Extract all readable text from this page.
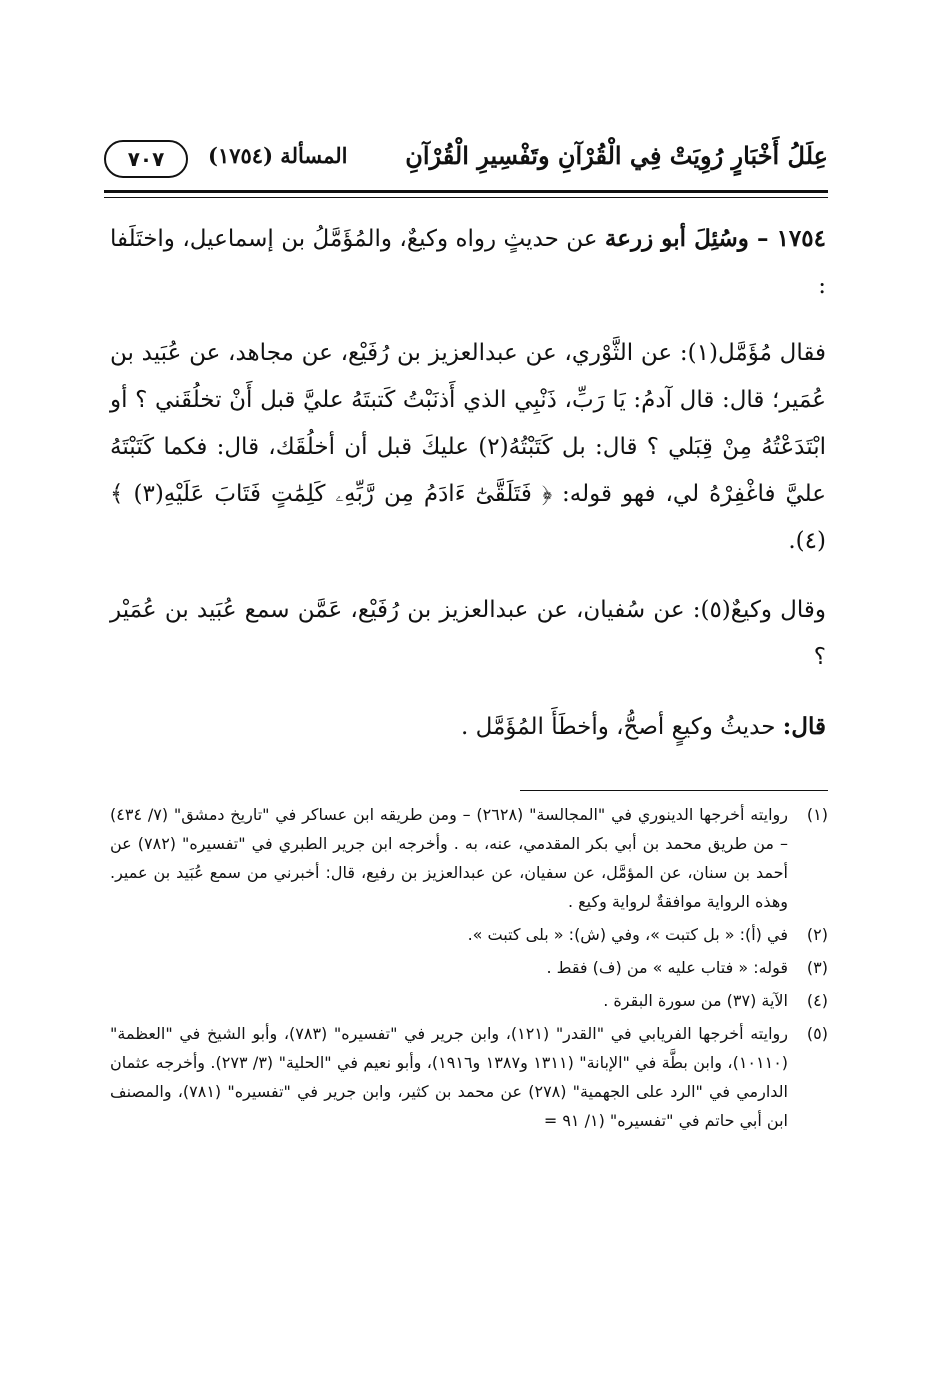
عِلَلُ أَخْبَارٍ رُوِيَتْ فِي الْقُرْآنِ وتَفْسِيرِ الْقُرْآنِ
المسألة (١٧٥٤)
٧٠٧

١٧٥٤ – وسُئِلَ أبو زرعة عن حديثٍ رواه وكيعٌ، والمُؤَمَّلُ بن إسماعيل، واختَلَفا :

فقال مُؤَمَّل(١): عن الثَّوْري، عن عبدالعزيز بن رُفَيْع، عن مجاهد، عن عُبَيد بن عُمَير؛ قال: قال آدمُ: يَا رَبِّ، ذَنْبِي الذي أَذنَبْتُ كَتبتَهُ عليَّ قبل أَنْ تخلُقَني ؟ أو ابْتَدَعْتُهُ مِنْ قِبَلي ؟ قال: بل كَتَبْتُهُ(٢) عليكَ قبل أن أخلُقَك، قال: فكما كَتَبْتَهُ عليَّ فاغْفِرْهُ لي، فهو قوله: ﴿ فَتَلَقَّىٰٓ ءَادَمُ مِن رَّبِّهِۦ كَلِمَٰتٍ فَتَابَ عَلَيْهِ(٣) ﴾(٤).

وقال وكيعٌ(٥): عن سُفيان، عن عبدالعزيز بن رُفَيْع، عَمَّن سمع عُبَيد بن عُمَيْر ؟

قال: حديثُ وكيعٍ أصحُّ، وأخطَأَ المُؤَمَّل .

(١)
روايته أخرجها الدينوري في "المجالسة" (٢٦٢٨) – ومن طريقه ابن عساكر في "تاريخ دمشق" (٧/ ٤٣٤) – من طريق محمد بن أبي بكر المقدمي، عنه، به . وأخرجه ابن جرير الطبري في "تفسيره" (٧٨٢) عن أحمد بن سنان، عن المؤمَّل، عن سفيان، عن عبدالعزيز بن رفيع، قال: أخبرني من سمع عُبَيد بن عمير. وهذه الرواية موافقةٌ لرواية وكيع .
(٢)
في (أ): « بل كتبت »، وفي (ش): « بلى كتبت ».
(٣)
قوله: « فتاب عليه » من (ف) فقط .
(٤)
الآية (٣٧) من سورة البقرة .
(٥)
روايته أخرجها الفريابي في "القدر" (١٢١)، وابن جرير في "تفسيره" (٧٨٣)، وأبو الشيخ في "العظمة" (١٠١١٠)، وابن بطَّة في "الإبانة" (١٣١١ و١٣٨٧ و١٩١٦)، وأبو نعيم في "الحلية" (٣/ ٢٧٣). وأخرجه عثمان الدارمي في "الرد على الجهمية" (٢٧٨) عن محمد بن كثير، وابن جرير في "تفسيره" (٧٨١)، والمصنف ابن أبي حاتم في "تفسيره" (١/ ٩١ =
